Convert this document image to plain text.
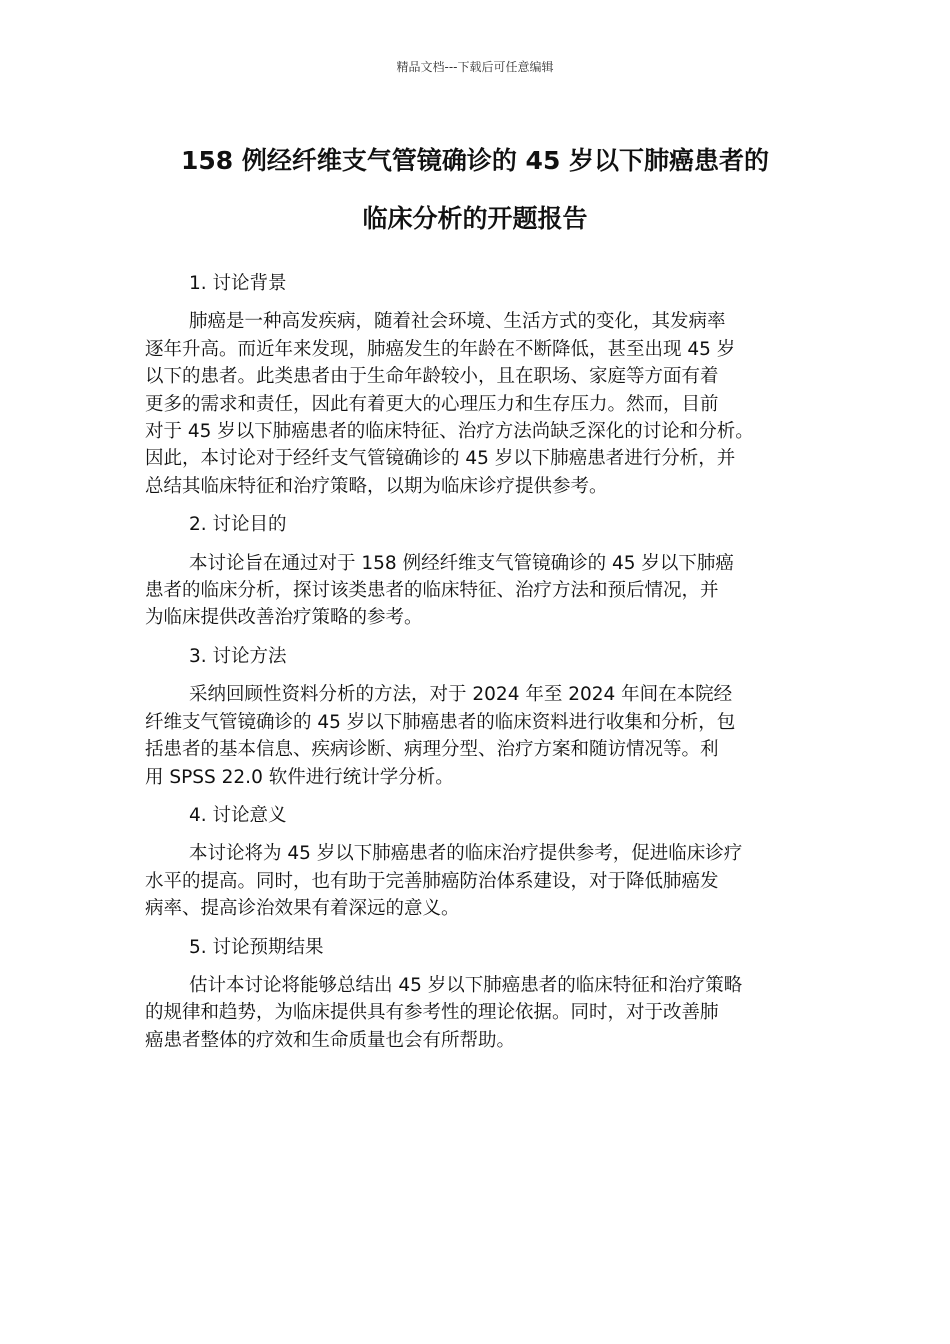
精品文档---下载后可任意编辑
158 例经纤维支气管镜确诊的 45 岁以下肺癌患者的
临床分析的开题报告

1. 讨论背景

肺癌是一种高发疾病，随着社会环境、生活方式的变化，其发病率
逐年升高。而近年来发现，肺癌发生的年龄在不断降低，甚至出现 45 岁
以下的患者。此类患者由于生命年龄较小，且在职场、家庭等方面有着
更多的需求和责任，因此有着更大的心理压力和生存压力。然而，目前
对于 45 岁以下肺癌患者的临床特征、治疗方法尚缺乏深化的讨论和分析。
因此，本讨论对于经纤支气管镜确诊的 45 岁以下肺癌患者进行分析，并
总结其临床特征和治疗策略，以期为临床诊疗提供参考。

2. 讨论目的

本讨论旨在通过对于 158 例经纤维支气管镜确诊的 45 岁以下肺癌
患者的临床分析，探讨该类患者的临床特征、治疗方法和预后情况，并
为临床提供改善治疗策略的参考。

3. 讨论方法

采纳回顾性资料分析的方法，对于 2024 年至 2024 年间在本院经
纤维支气管镜确诊的 45 岁以下肺癌患者的临床资料进行收集和分析，包
括患者的基本信息、疾病诊断、病理分型、治疗方案和随访情况等。利
用 SPSS 22.0 软件进行统计学分析。

4. 讨论意义

本讨论将为 45 岁以下肺癌患者的临床治疗提供参考，促进临床诊疗
水平的提高。同时，也有助于完善肺癌防治体系建设，对于降低肺癌发
病率、提高诊治效果有着深远的意义。

5. 讨论预期结果

估计本讨论将能够总结出 45 岁以下肺癌患者的临床特征和治疗策略
的规律和趋势，为临床提供具有参考性的理论依据。同时，对于改善肺
癌患者整体的疗效和生命质量也会有所帮助。
